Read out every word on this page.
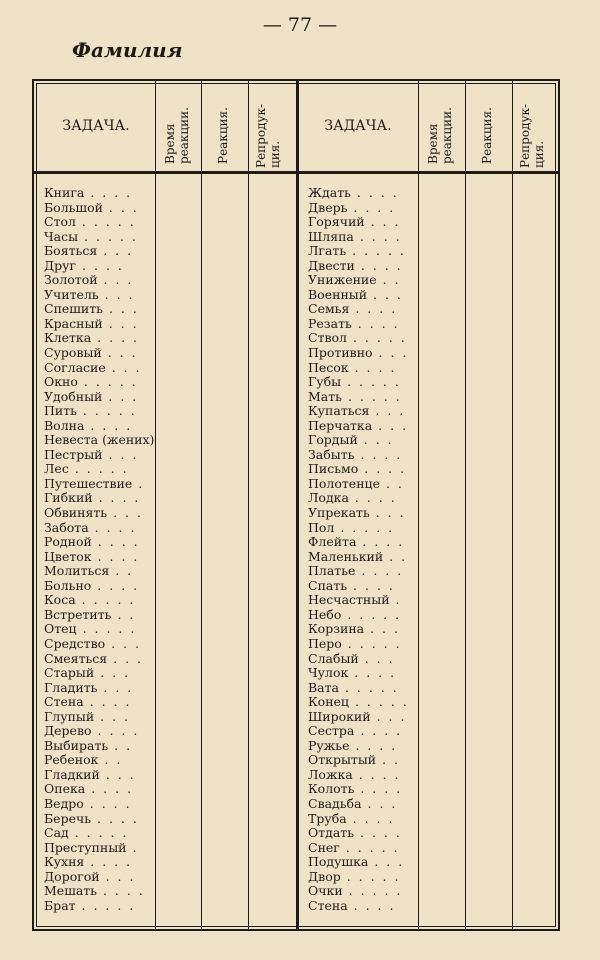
— 77 —
Фамилия
ЗАДАЧА.	Время реакции. Реакция. Репродук- ция.
ЗАДАЧА.	Время реакции. Реакция. Репродук- ция.
Книга . . . .
Большой . . .
Стол . . . . .
Часы . . . . .
Бояться . . .
Друг . . . .
Золотой . . .
Учитель . . .
Спешить . . .
Красный . . .
Клетка . . . .
Суровый . . .
Согласие . . .
Окно . . . . .
Удобный . . .
Пить . . . . .
Волна . . . .
Невеста (жених)
Пестрый . . .
Лес . . . . .
Путешествие .
Гибкий . . . .
Обвинять . . .
Забота . . . .
Родной . . . .
Цветок . . . .
Молиться . .
Больно . . . .
Коса . . . . .
Встретить . .
Отец . . . . .
Средство . . .
Смеяться . . .
Старый . . .
Гладить . . .
Стена . . . .
Глупый . . .
Дерево . . . .
Выбирать . .
Ребенок . .
Гладкий . . .
Опека . . . .
Ведро . . . .
Беречь . . . .
Сад . . . . .
Преступный .
Кухня . . . .
Дорогой . . .
Мешать . . . .
Брат . . . . .
Ждать . . . .
Дверь . . . .
Горячий . . .
Шляпа . . . .
Лгать . . . . .
Двести . . . .
Унижение . .
Военный . . .
Семья . . . .
Резать . . . .
Ствол . . . . .
Противно . . .
Песок . . . .
Губы . . . . .
Мать . . . . .
Купаться . . .
Перчатка . . .
Гордый . . .
Забыть . . . .
Письмо . . . .
Полотенце . .
Лодка . . . .
Упрекать . . .
Пол . . . . .
Флейта . . . .
Маленький . .
Платье . . . .
Спать . . . .
Несчастный .
Небо . . . . .
Корзина . . .
Перо . . . . .
Слабый . . .
Чулок . . . .
Вата . . . . .
Конец . . . . .
Широкий . . .
Сестра . . . .
Ружье . . . .
Открытый . .
Ложка . . . .
Колоть . . . .
Свадьба . . .
Труба . . . .
Отдать . . . .
Снег . . . . .
Подушка . . .
Двор . . . . .
Очки . . . . .
Стена . . . .
